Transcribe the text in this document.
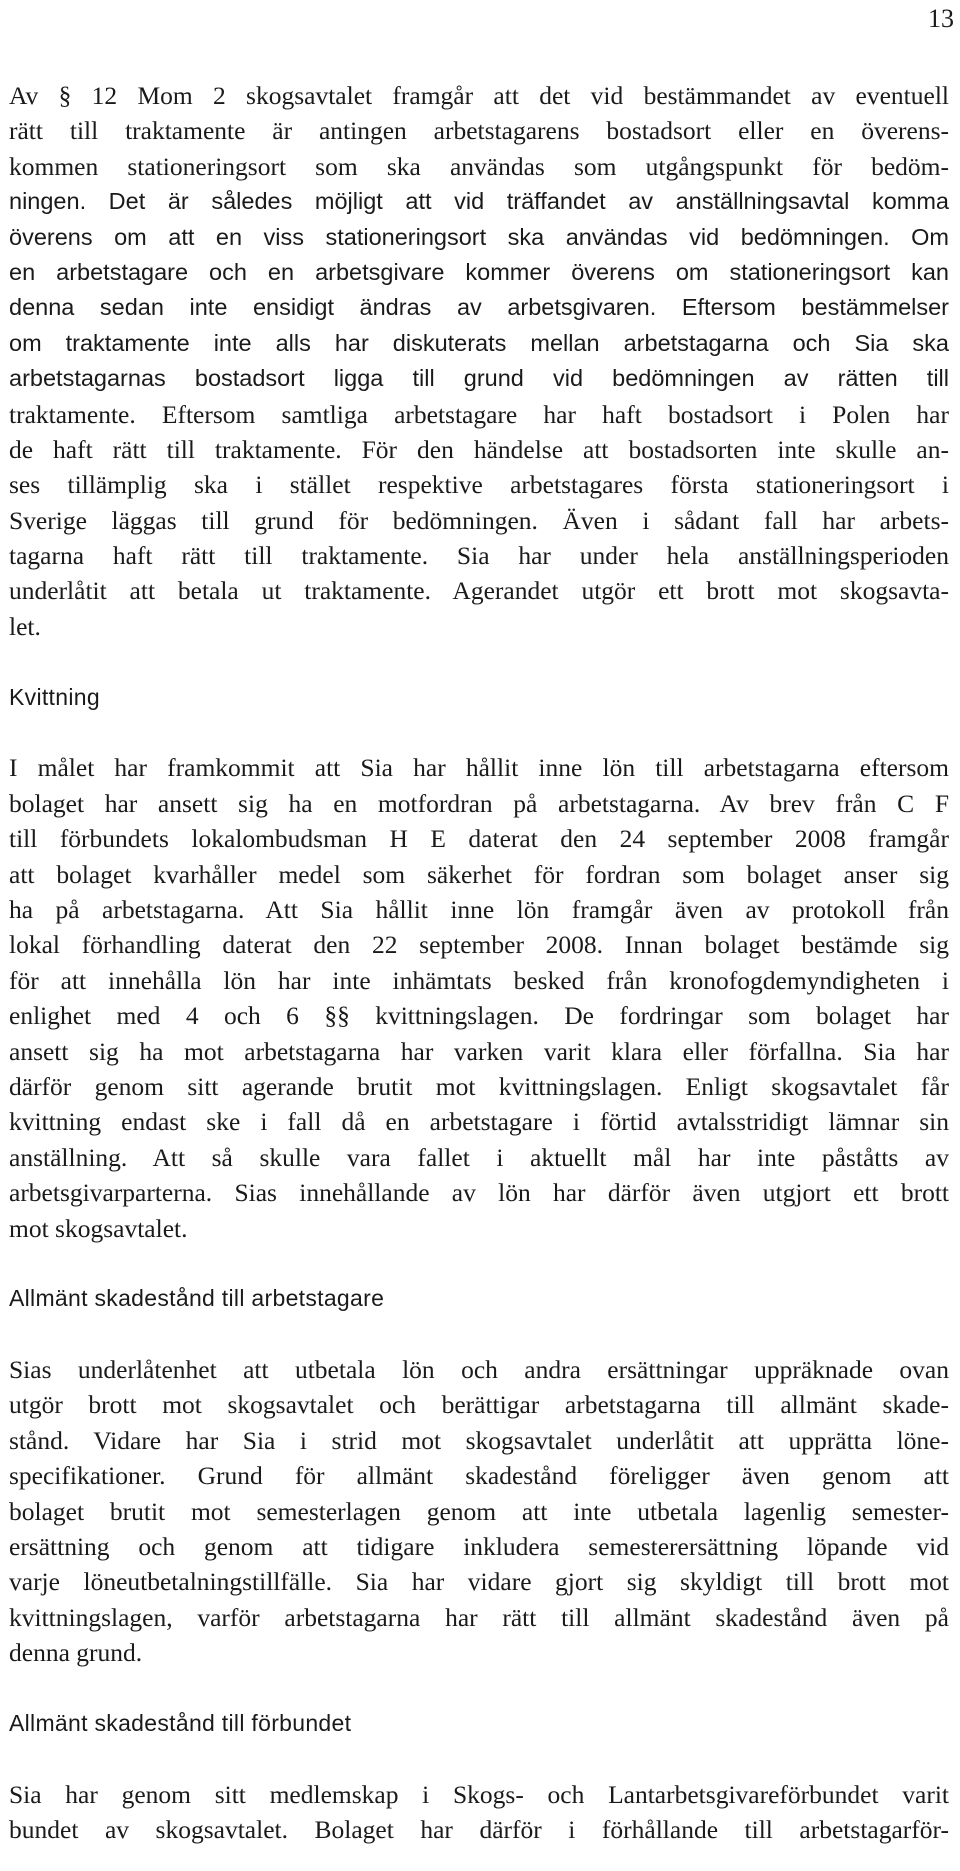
13
Av § 12 Mom 2 skogsavtalet framgår att det vid bestämmandet av eventuell
rätt till traktamente är antingen arbetstagarens bostadsort eller en överens-
kommen stationeringsort som ska användas som utgångspunkt för bedöm-
ningen. Det är således möjligt att vid träffandet av anställningsavtal komma
överens om att en viss stationeringsort ska användas vid bedömningen. Om
en arbetstagare och en arbetsgivare kommer överens om stationeringsort kan
denna sedan inte ensidigt ändras av arbetsgivaren. Eftersom bestämmelser
om traktamente inte alls har diskuterats mellan arbetstagarna och Sia ska
arbetstagarnas bostadsort ligga till grund vid bedömningen av rätten till
traktamente. Eftersom samtliga arbetstagare har haft bostadsort i Polen har
de haft rätt till traktamente. För den händelse att bostadsorten inte skulle an-
ses tillämplig ska i stället respektive arbetstagares första stationeringsort i
Sverige läggas till grund för bedömningen. Även i sådant fall har arbets-
tagarna haft rätt till traktamente. Sia har under hela anställningsperioden
underlåtit att betala ut traktamente. Agerandet utgör ett brott mot skogsavta-
let.
Kvittning
I målet har framkommit att Sia har hållit inne lön till arbetstagarna eftersom
bolaget har ansett sig ha en motfordran på arbetstagarna. Av brev från C F
till förbundets lokalombudsman H E daterat den 24 september 2008 framgår
att bolaget kvarhåller medel som säkerhet för fordran som bolaget anser sig
ha på arbetstagarna. Att Sia hållit inne lön framgår även av protokoll från
lokal förhandling daterat den 22 september 2008. Innan bolaget bestämde sig
för att innehålla lön har inte inhämtats besked från kronofogdemyndigheten i
enlighet med 4 och 6 §§ kvittningslagen. De fordringar som bolaget har
ansett sig ha mot arbetstagarna har varken varit klara eller förfallna. Sia har
därför genom sitt agerande brutit mot kvittningslagen. Enligt skogsavtalet får
kvittning endast ske i fall då en arbetstagare i förtid avtalsstridigt lämnar sin
anställning. Att så skulle vara fallet i aktuellt mål har inte påståtts av
arbetsgivarparterna. Sias innehållande av lön har därför även utgjort ett brott
mot skogsavtalet.
Allmänt skadestånd till arbetstagare
Sias underlåtenhet att utbetala lön och andra ersättningar uppräknade ovan
utgör brott mot skogsavtalet och berättigar arbetstagarna till allmänt skade-
stånd. Vidare har Sia i strid mot skogsavtalet underlåtit att upprätta löne-
specifikationer. Grund för allmänt skadestånd föreligger även genom att
bolaget brutit mot semesterlagen genom att inte utbetala lagenlig semester-
ersättning och genom att tidigare inkludera semesterersättning löpande vid
varje löneutbetalningstillfälle. Sia har vidare gjort sig skyldigt till brott mot
kvittningslagen, varför arbetstagarna har rätt till allmänt skadestånd även på
denna grund.
Allmänt skadestånd till förbundet
Sia har genom sitt medlemskap i Skogs- och Lantarbetsgivareförbundet varit
bundet av skogsavtalet. Bolaget har därför i förhållande till arbetstagarför-
